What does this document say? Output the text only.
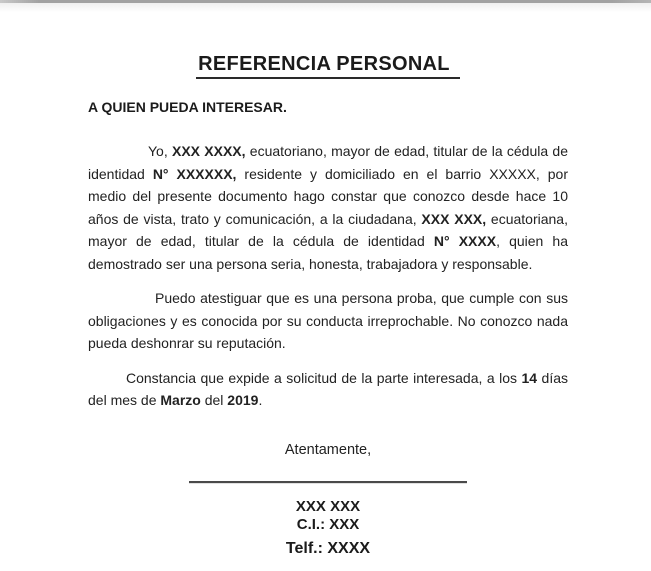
REFERENCIA PERSONAL
A QUIEN PUEDA INTERESAR.

Yo, XXX XXXX, ecuatoriano, mayor de edad, titular de la cédula de identidad N° XXXXXX, residente y domiciliado en el barrio XXXXX, por medio del presente documento hago constar que conozco desde hace 10 años de vista, trato y comunicación, a la ciudadana, XXX XXX, ecuatoriana, mayor de edad, titular de la cédula de identidad N° XXXX, quien ha demostrado ser una persona seria, honesta, trabajadora y responsable.

Puedo atestiguar que es una persona proba, que cumple con sus obligaciones y es conocida por su conducta irreprochable. No conozco nada pueda deshonrar su reputación.

Constancia que expide a solicitud de la parte interesada, a los 14 días del mes de Marzo del 2019.

Atentamente,
XXX XXX
C.I.: XXX
Telf.: XXXX
